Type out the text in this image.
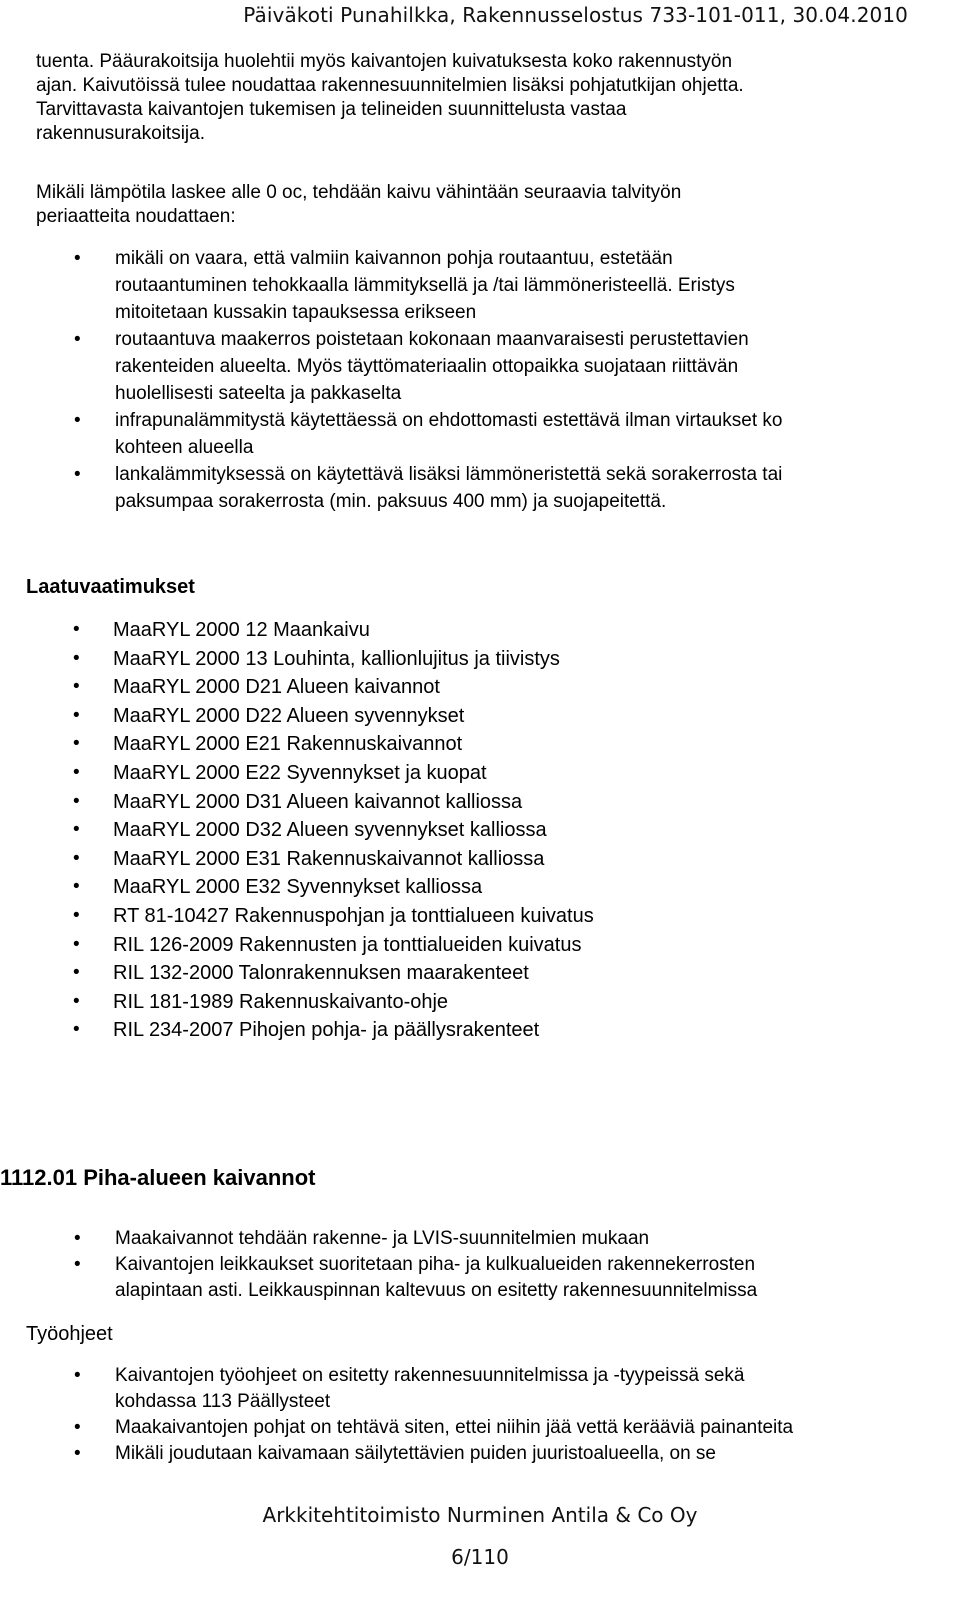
Päiväkoti Punahilkka, Rakennusselostus 733-101-011, 30.04.2010

tuenta. Pääurakoitsija huolehtii myös kaivantojen kuivatuksesta koko rakennustyön
ajan. Kaivutöissä tulee noudattaa rakennesuunnitelmien lisäksi pohjatutkijan ohjetta.
Tarvittavasta kaivantojen tukemisen ja telineiden suunnittelusta vastaa
rakennusurakoitsija.

Mikäli lämpötila laskee alle 0 oc, tehdään kaivu vähintään seuraavia talvityön
periaatteita noudattaen:

• mikäli on vaara, että valmiin kaivannon pohja routaantuu, estetään
routaantuminen tehokkaalla lämmityksellä ja /tai lämmöneristeellä. Eristys
mitoitetaan kussakin tapauksessa erikseen
• routaantuva maakerros poistetaan kokonaan maanvaraisesti perustettavien
rakenteiden alueelta. Myös täyttömateriaalin ottopaikka suojataan riittävän
huolellisesti sateelta ja pakkaselta
• infrapunalämmitystä käytettäessä on ehdottomasti estettävä ilman virtaukset ko
kohteen alueella
• lankalämmityksessä on käytettävä lisäksi lämmöneristettä sekä sorakerrosta tai
paksumpaa sorakerrosta (min. paksuus 400 mm) ja suojapeitettä.
Laatuvaatimukset
• MaaRYL 2000 12 Maankaivu
• MaaRYL 2000 13 Louhinta, kallionlujitus ja tiivistys
• MaaRYL 2000 D21 Alueen kaivannot
• MaaRYL 2000 D22 Alueen syvennykset
• MaaRYL 2000 E21 Rakennuskaivannot
• MaaRYL 2000 E22 Syvennykset ja kuopat
• MaaRYL 2000 D31 Alueen kaivannot kalliossa
• MaaRYL 2000 D32 Alueen syvennykset kalliossa
• MaaRYL 2000 E31 Rakennuskaivannot kalliossa
• MaaRYL 2000 E32 Syvennykset kalliossa
• RT 81-10427 Rakennuspohjan ja tonttialueen kuivatus
• RIL 126-2009 Rakennusten ja tonttialueiden kuivatus
• RIL 132-2000 Talonrakennuksen maarakenteet
• RIL 181-1989 Rakennuskaivanto-ohje
• RIL 234-2007 Pihojen pohja- ja päällysrakenteet
1112.01 Piha-alueen kaivannot
• Maakaivannot tehdään rakenne- ja LVIS-suunnitelmien mukaan
• Kaivantojen leikkaukset suoritetaan piha- ja kulkualueiden rakennekerrosten
alapintaan asti. Leikkauspinnan kaltevuus on esitetty rakennesuunnitelmissa
Työohjeet
• Kaivantojen työohjeet on esitetty rakennesuunnitelmissa ja -tyypeissä sekä
kohdassa 113 Päällysteet
• Maakaivantojen pohjat on tehtävä siten, ettei niihin jää vettä kerääviä painanteita
• Mikäli joudutaan kaivamaan säilytettävien puiden juuristoalueella, on se
Arkkitehtitoimisto Nurminen Antila & Co Oy
6/110
